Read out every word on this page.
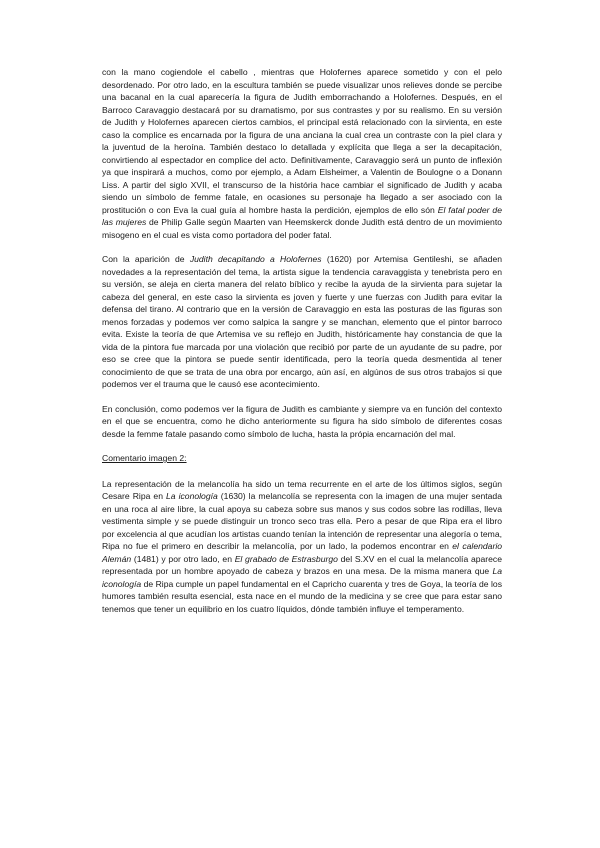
con la mano cogiendole el cabello , mientras que Holofernes aparece sometido y con el pelo desordenado. Por otro lado, en la escultura también se puede visualizar unos relieves donde se percibe una bacanal en la cual aparecería la figura de Judith emborrachando a Holofernes. Después, en el Barroco Caravaggio destacará por su dramatismo, por sus contrastes y por su realismo. En su versión de Judith y Holofernes aparecen ciertos cambios, el principal está relacionado con la sirvienta, en este caso la complice es encarnada por la figura de una anciana la cual crea un contraste con la piel clara y la juventud de la heroína. También destaco lo detallada y explícita que llega a ser la decapitación, convirtiendo al espectador en complice del acto. Definitivamente, Caravaggio será un punto de inflexión ya que inspirará a muchos, como por ejemplo, a Adam Elsheimer, a Valentin de Boulogne o a Donann Liss. A partir del siglo XVII, el transcurso de la história hace cambiar el significado de Judith y acaba siendo un símbolo de femme fatale, en ocasiones su personaje ha llegado a ser asociado con la prostitución o con Eva la cual guía al hombre hasta la perdición, ejemplos de ello són El fatal poder de las mujeres de Philip Galle según Maarten van Heemskerck donde Judith está dentro de un movimiento misogeno en el cual es vista como portadora del poder fatal.

Con la aparición de Judith decapitando a Holofernes (1620) por Artemisa Gentileshi, se añaden novedades a la representación del tema, la artista sigue la tendencia caravaggista y tenebrista pero en su versión, se aleja en cierta manera del relato bíblico y recibe la ayuda de la sirvienta para sujetar la cabeza del general, en este caso la sirvienta es joven y fuerte y une fuerzas con Judith para evitar la defensa del tirano. Al contrario que en la versión de Caravaggio en esta las posturas de las figuras son menos forzadas y podemos ver como salpica la sangre y se manchan, elemento que el pintor barroco evita. Existe la teoría de que Artemisa ve su reflejo en Judith, históricamente hay constancia de que la vida de la pintora fue marcada por una violación que recibió por parte de un ayudante de su padre, por eso se cree que la pintora se puede sentir identificada, pero la teoría queda desmentida al tener conocimiento de que se trata de una obra por encargo, aún así, en algúnos de sus otros trabajos si que podemos ver el trauma que le causó ese acontecimiento.

En conclusión, como podemos ver la figura de Judith es cambiante y siempre va en función del contexto en el que se encuentra, como he dicho anteriormente su figura ha sido símbolo de diferentes cosas desde la femme fatale pasando como símbolo de lucha, hasta la própia encarnación del mal.

Comentario imagen 2:

La representación de la melancolía ha sido un tema recurrente en el arte de los últimos siglos, según Cesare Ripa en La iconología (1630) la melancolía se representa con la imagen de una mujer sentada en una roca al aire libre, la cual apoya su cabeza sobre sus manos y sus codos sobre las rodillas, lleva vestimenta simple y se puede distinguir un tronco seco tras ella. Pero a pesar de que Ripa era el libro por excelencia al que acudían los artistas cuando tenían la intención de representar una alegoría o tema, Ripa no fue el primero en describir la melancolía, por un lado, la podemos encontrar en el calendario Alemán (1481) y por otro lado, en El grabado de Estrasburgo del S.XV en el cual la melancolía aparece representada por un hombre apoyado de cabeza y brazos en una mesa. De la misma manera que La iconología de Ripa cumple un papel fundamental en el Capricho cuarenta y tres de Goya, la teoría de los humores también resulta esencial, esta nace en el mundo de la medicina y se cree que para estar sano tenemos que tener un equilibrio en los cuatro líquidos, dónde también influye el temperamento.
